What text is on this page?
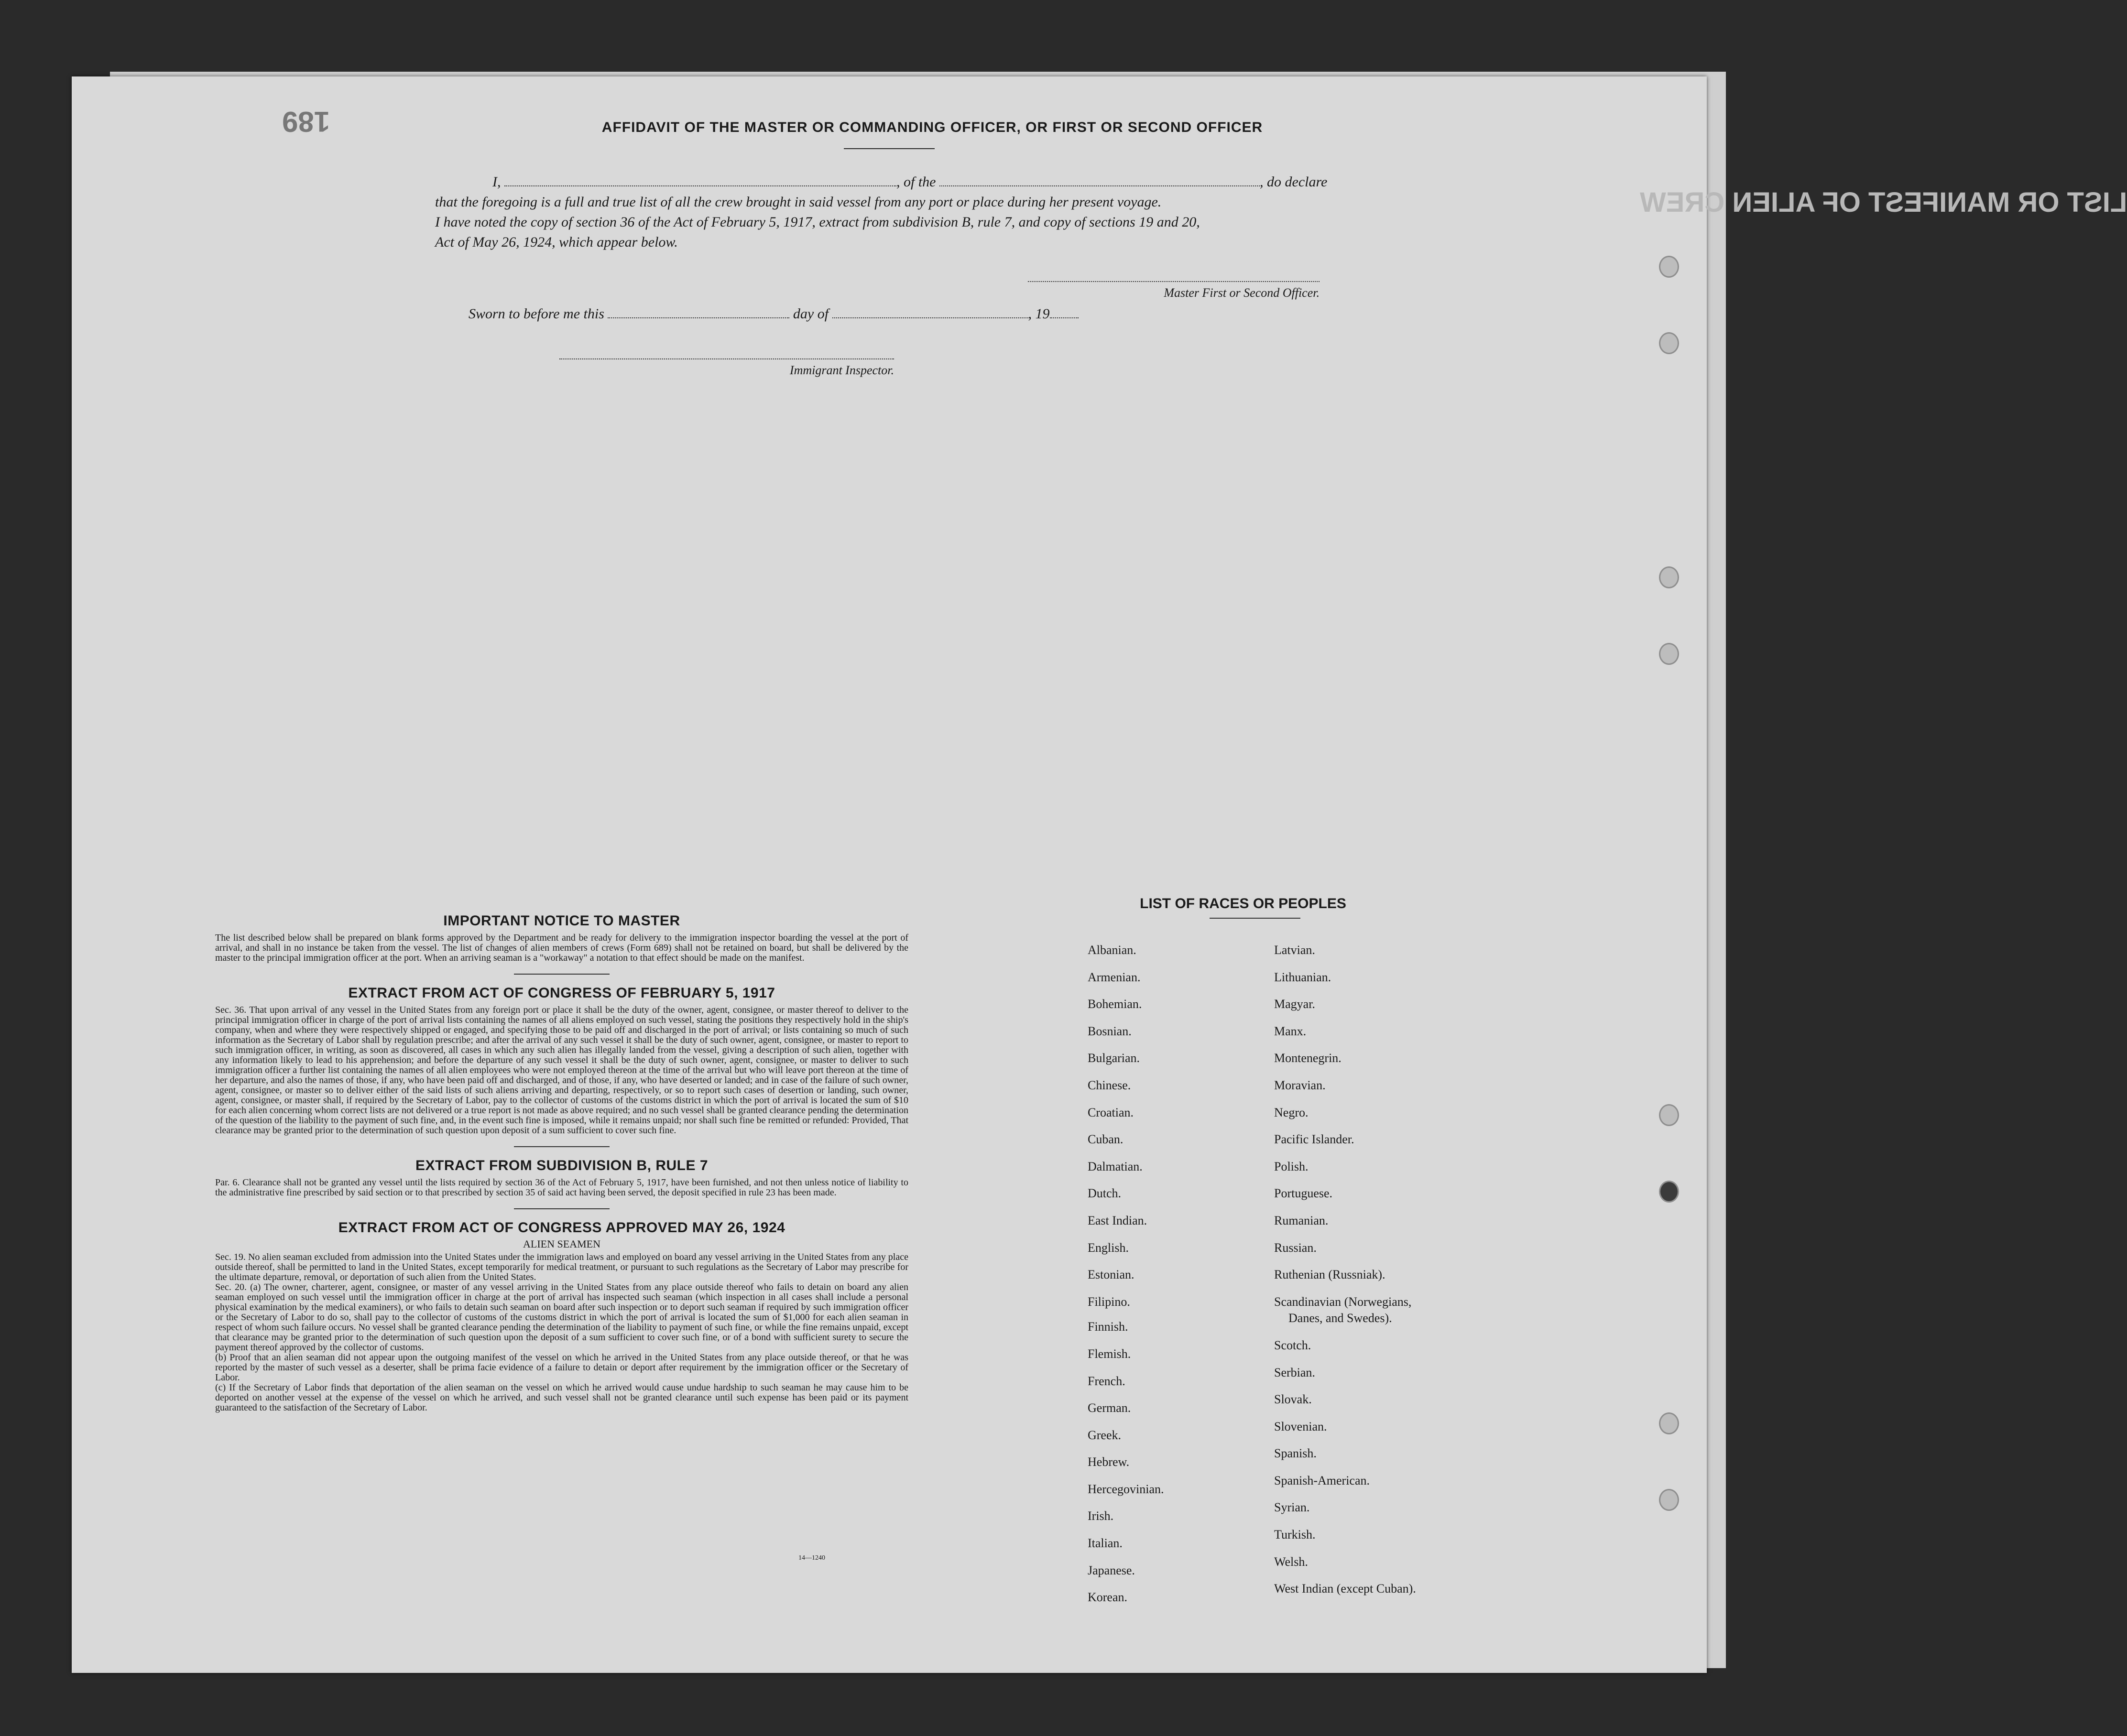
LIST OR MANIFEST OF ALIEN CREW
189	AFFIDAVIT OF THE MASTER OR COMMANDING OFFICER, OR FIRST OR SECOND OFFICER
I,	, of the	, do declare
that the foregoing is a full and true list of all the crew brought in said vessel from any port or place during her present voyage.
I have noted the copy of section 36 of the Act of February 5, 1917, extract from subdivision B, rule 7, and copy of sections 19 and 20,
Act of May 26, 1924, which appear below.
Master First or Second Officer.
Sworn to before me this	day of	, 19
Immigrant Inspector.

IMPORTANT NOTICE TO MASTER

The list described below shall be prepared on blank forms approved by the Department and be ready for delivery to the immigration inspector boarding the vessel at the port of arrival, and shall in no instance be taken from the vessel. The list of changes of alien members of crews (Form 689) shall not be retained on board, but shall be delivered by the master to the principal immigration officer at the port. When an arriving seaman is a "workaway" a notation to that effect should be made on the manifest.

EXTRACT FROM ACT OF CONGRESS OF FEBRUARY 5, 1917

Sec. 36. That upon arrival of any vessel in the United States from any foreign port or place it shall be the duty of the owner, agent, consignee, or master thereof to deliver to the principal immigration officer in charge of the port of arrival lists containing the names of all aliens employed on such vessel, stating the positions they respectively hold in the ship's company, when and where they were respectively shipped or engaged, and specifying those to be paid off and discharged in the port of arrival; or lists containing so much of such information as the Secretary of Labor shall by regulation prescribe; and after the arrival of any such vessel it shall be the duty of such owner, agent, consignee, or master to report to such immigration officer, in writing, as soon as discovered, all cases in which any such alien has illegally landed from the vessel, giving a description of such alien, together with any information likely to lead to his apprehension; and before the departure of any such vessel it shall be the duty of such owner, agent, consignee, or master to deliver to such immigration officer a further list containing the names of all alien employees who were not employed thereon at the time of the arrival but who will leave port thereon at the time of her departure, and also the names of those, if any, who have been paid off and discharged, and of those, if any, who have deserted or landed; and in case of the failure of such owner, agent, consignee, or master so to deliver either of the said lists of such aliens arriving and departing, respectively, or so to report such cases of desertion or landing, such owner, agent, consignee, or master shall, if required by the Secretary of Labor, pay to the collector of customs of the customs district in which the port of arrival is located the sum of $10 for each alien concerning whom correct lists are not delivered or a true report is not made as above required; and no such vessel shall be granted clearance pending the determination of the question of the liability to the payment of such fine, and, in the event such fine is imposed, while it remains unpaid; nor shall such fine be remitted or refunded: Provided, That clearance may be granted prior to the determination of such question upon deposit of a sum sufficient to cover such fine.

EXTRACT FROM SUBDIVISION B, RULE 7

Par. 6. Clearance shall not be granted any vessel until the lists required by section 36 of the Act of February 5, 1917, have been furnished, and not then unless notice of liability to the administrative fine prescribed by said section or to that prescribed by section 35 of said act having been served, the deposit specified in rule 23 has been made.

EXTRACT FROM ACT OF CONGRESS APPROVED MAY 26, 1924

ALIEN SEAMEN

Sec. 19. No alien seaman excluded from admission into the United States under the immigration laws and employed on board any vessel arriving in the United States from any place outside thereof, shall be permitted to land in the United States, except temporarily for medical treatment, or pursuant to such regulations as the Secretary of Labor may prescribe for the ultimate departure, removal, or deportation of such alien from the United States.

Sec. 20. (a) The owner, charterer, agent, consignee, or master of any vessel arriving in the United States from any place outside thereof who fails to detain on board any alien seaman employed on such vessel until the immigration officer in charge at the port of arrival has inspected such seaman (which inspection in all cases shall include a personal physical examination by the medical examiners), or who fails to detain such seaman on board after such inspection or to deport such seaman if required by such immigration officer or the Secretary of Labor to do so, shall pay to the collector of customs of the customs district in which the port of arrival is located the sum of $1,000 for each alien seaman in respect of whom such failure occurs. No vessel shall be granted clearance pending the determination of the liability to payment of such fine, or while the fine remains unpaid, except that clearance may be granted prior to the determination of such question upon the deposit of a sum sufficient to cover such fine, or of a bond with sufficient surety to secure the payment thereof approved by the collector of customs.

(b) Proof that an alien seaman did not appear upon the outgoing manifest of the vessel on which he arrived in the United States from any place outside thereof, or that he was reported by the master of such vessel as a deserter, shall be prima facie evidence of a failure to detain or deport after requirement by the immigration officer or the Secretary of Labor.

(c) If the Secretary of Labor finds that deportation of the alien seaman on the vessel on which he arrived would cause undue hardship to such seaman he may cause him to be deported on another vessel at the expense of the vessel on which he arrived, and such vessel shall not be granted clearance until such expense has been paid or its payment guaranteed to the satisfaction of the Secretary of Labor.

14—1240
LIST OF RACES OR PEOPLES
Albanian.
Armenian.
Bohemian.
Bosnian.
Bulgarian.
Chinese.
Croatian.
Cuban.
Dalmatian.
Dutch.
East Indian.
English.
Estonian.
Filipino.
Finnish.
Flemish.
French.
German.
Greek.
Hebrew.
Hercegovinian.
Irish.
Italian.
Japanese.
Korean.
Latvian.
Lithuanian.
Magyar.
Manx.
Montenegrin.
Moravian.
Negro.
Pacific Islander.
Polish.
Portuguese.
Rumanian.
Russian.
Ruthenian (Russniak).
Scandinavian (Norwegians,
Danes, and Swedes).
Scotch.
Serbian.
Slovak.
Slovenian.
Spanish.
Spanish-American.
Syrian.
Turkish.
Welsh.
West Indian (except Cuban).
